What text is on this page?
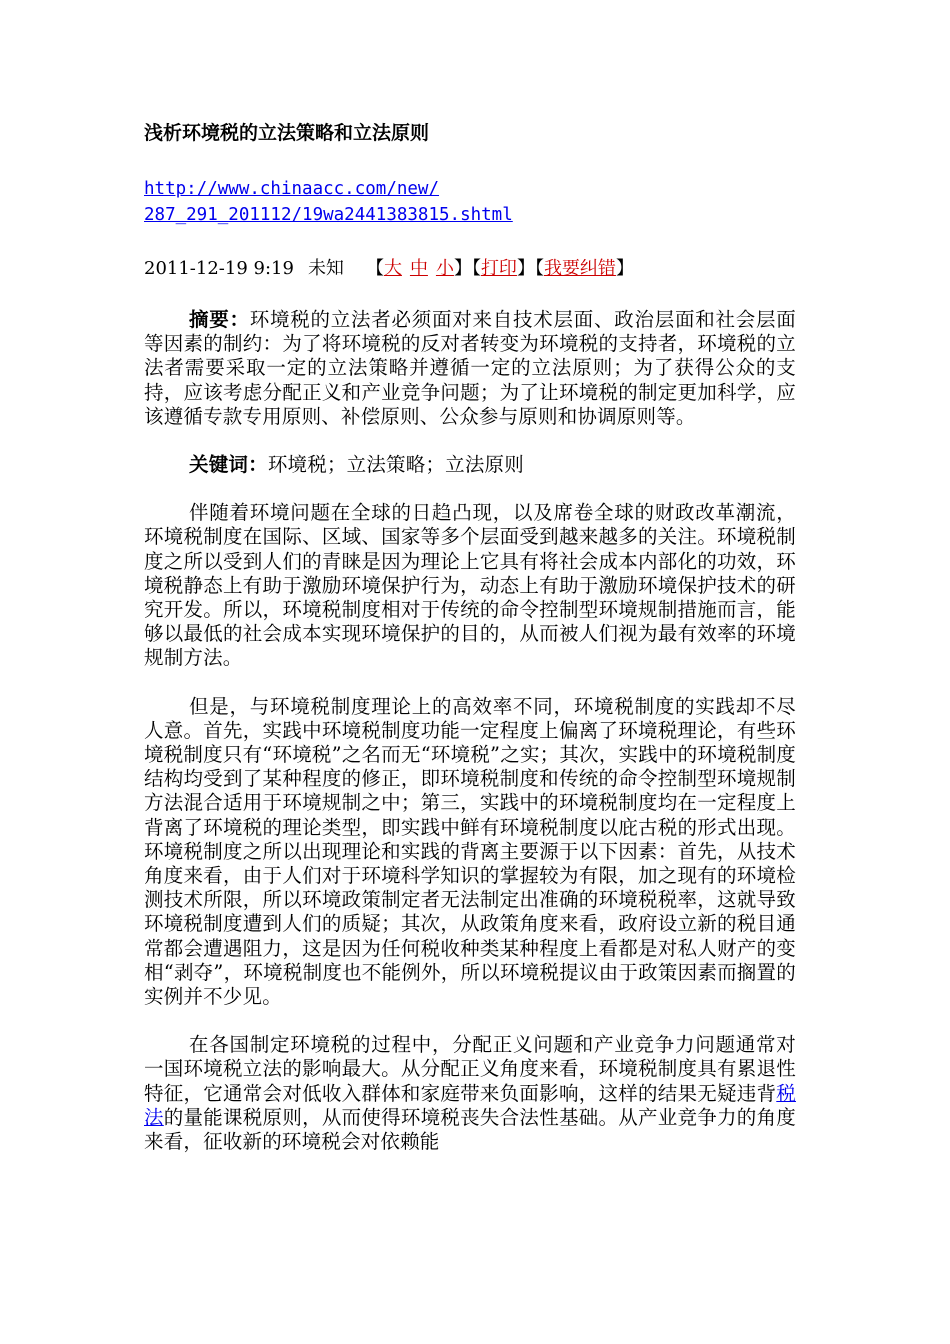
浅析环境税的立法策略和立法原则
http://www.chinaacc.com/new/
287_291_201112/19wa2441383815.shtml
2011-12-19 9:19 未知 【大 中 小】【打印】【我要纠错】

摘要：环境税的立法者必须面对来自技术层面、政治层面和社会层面等因素的制约：为了将环境税的反对者转变为环境税的支持者，环境税的立法者需要采取一定的立法策略并遵循一定的立法原则；为了获得公众的支持，应该考虑分配正义和产业竞争问题；为了让环境税的制定更加科学，应该遵循专款专用原则、补偿原则、公众参与原则和协调原则等。

关键词：环境税；立法策略；立法原则

伴随着环境问题在全球的日趋凸现，以及席卷全球的财政改革潮流，环境税制度在国际、区域、国家等多个层面受到越来越多的关注。环境税制度之所以受到人们的青睐是因为理论上它具有将社会成本内部化的功效，环境税静态上有助于激励环境保护行为，动态上有助于激励环境保护技术的研究开发。所以，环境税制度相对于传统的命令控制型环境规制措施而言，能够以最低的社会成本实现环境保护的目的，从而被人们视为最有效率的环境规制方法。

但是，与环境税制度理论上的高效率不同，环境税制度的实践却不尽人意。首先，实践中环境税制度功能一定程度上偏离了环境税理论，有些环境税制度只有“环境税”之名而无“环境税”之实；其次，实践中的环境税制度结构均受到了某种程度的修正，即环境税制度和传统的命令控制型环境规制方法混合适用于环境规制之中；第三，实践中的环境税制度均在一定程度上背离了环境税的理论类型，即实践中鲜有环境税制度以庇古税的形式出现。环境税制度之所以出现理论和实践的背离主要源于以下因素：首先，从技术角度来看，由于人们对于环境科学知识的掌握较为有限，加之现有的环境检测技术所限，所以环境政策制定者无法制定出准确的环境税税率，这就导致环境税制度遭到人们的质疑；其次，从政策角度来看，政府设立新的税目通常都会遭遇阻力，这是因为任何税收种类某种程度上看都是对私人财产的变相“剥夺”，环境税制度也不能例外，所以环境税提议由于政策因素而搁置的实例并不少见。

在各国制定环境税的过程中，分配正义问题和产业竞争力问题通常对一国环境税立法的影响最大。从分配正义角度来看，环境税制度具有累退性特征，它通常会对低收入群体和家庭带来负面影响，这样的结果无疑违背税法的量能课税原则，从而使得环境税丧失合法性基础。从产业竞争力的角度来看，征收新的环境税会对依赖能
